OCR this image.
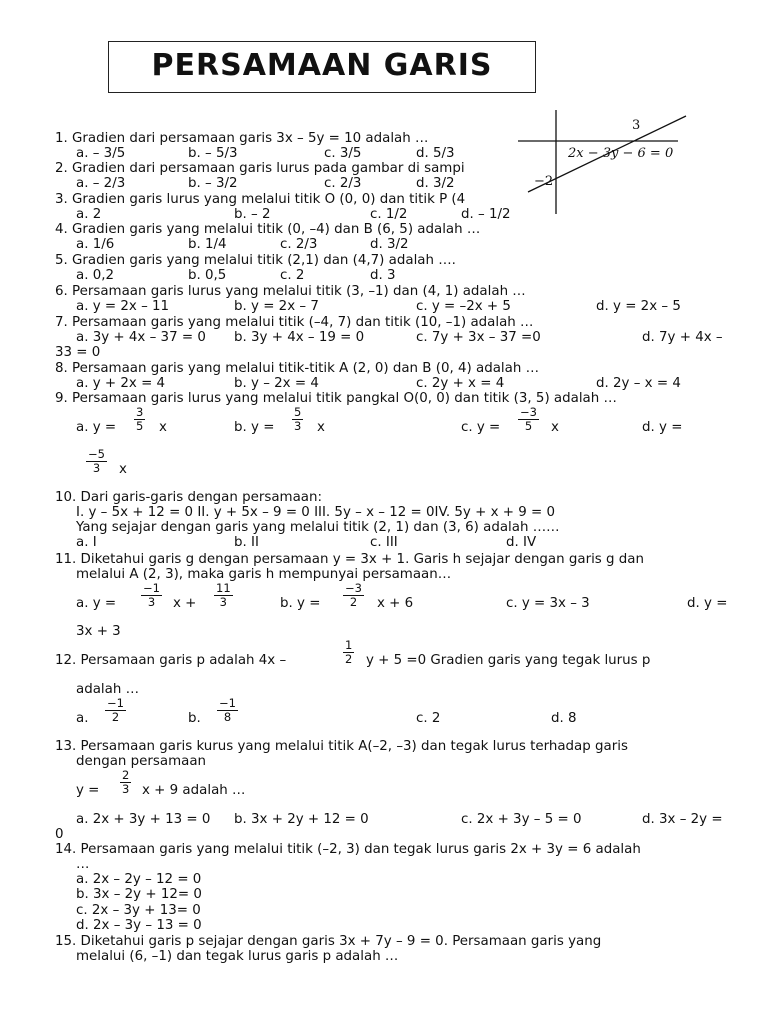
PERSAMAAN GARIS
3
2x − 3y − 6 = 0
−2
1. Gradien dari persamaan garis 3x – 5y = 10 adalah …
a. – 3/5	b. – 5/3	c. 3/5	d. 5/3
2. Gradien dari persamaan garis lurus pada gambar di sampi
a. – 2/3	b. – 3/2	c. 2/3	d. 3/2
3. Gradien garis lurus yang melalui titik O (0, 0) dan titik P (4
a. 2	b. – 2	c. 1/2	d. – 1/2
4. Gradien garis yang melalui titik (0, –4) dan B (6, 5) adalah …
a. 1/6	b. 1/4	c. 2/3	d. 3/2
5. Gradien garis yang melalui titik (2,1) dan (4,7) adalah ….
a. 0,2	b. 0,5	c. 2	d. 3
6. Persamaan garis lurus yang melalui titik (3, –1) dan (4, 1) adalah …
a. y = 2x – 11	b. y = 2x – 7	c. y = –2x + 5	d. y = 2x – 5
7. Persamaan garis yang melalui titik (–4, 7) dan titik (10, –1) adalah …
a. 3y + 4x – 37 = 0 b. 3y + 4x – 19 = 0	c. 7y + 3x – 37 =0	d. 7y + 4x –
33 = 0
8. Persamaan garis yang melalui titik-titik A (2, 0) dan B (0, 4) adalah …
a. y + 2x = 4	b. y – 2x = 4	c. 2y + x = 4	d. 2y – x = 4
9. Persamaan garis lurus yang melalui titik pangkal O(0, 0) dan titik (3, 5) adalah …
a. $y = \frac{3}{5}$ x	b. $y = \frac{5}{3}$ x	c. $y = \frac{-3}{5}$ x	d. y =
$\frac{-5}{3}$ x
10. Dari garis-garis dengan persamaan:
I. y – 5x + 12 = 0 II. y + 5x – 9 = 0 III. 5y – x – 12 = 0IV. 5y + x + 9 = 0
Yang sejajar dengan garis yang melalui titik (2, 1) dan (3, 6) adalah ……
a. I	b. II	c. III	d. IV
11. Diketahui garis g dengan persamaan y = 3x + 1. Garis h sejajar dengan garis g dan
melalui A (2, 3), maka garis h mempunyai persamaan…
a. $y = \frac{-1}{3}$ $x + \frac{11}{3}$	b. $y = \frac{-3}{2}$ x + 6	c. y = 3x – 3	d. y =
3x + 3
12. Persamaan garis p adalah 4x –	$\frac{1}{2}$ y + 5 =0 Gradien garis yang tegak lurus p
adalah …
a. $\frac{-1}{2}$	b. $\frac{-1}{8}$	c. 2	d. 8
13. Persamaan garis kurus yang melalui titik A(–2, –3) dan tegak lurus terhadap garis
dengan persamaan
$y = \frac{2}{3}$ x + 9 adalah …
a. 2x + 3y + 13 = 0 b. 3x + 2y + 12 = 0	c. 2x + 3y – 5 = 0	d. 3x – 2y =
0
14. Persamaan garis yang melalui titik (–2, 3) dan tegak lurus garis 2x + 3y = 6 adalah
…
a. 2x – 2y – 12 = 0
b. 3x – 2y + 12= 0
c. 2x – 3y + 13= 0
d. 2x – 3y – 13 = 0
15. Diketahui garis p sejajar dengan garis 3x + 7y – 9 = 0. Persamaan garis yang
melalui (6, –1) dan tegak lurus garis p adalah …
